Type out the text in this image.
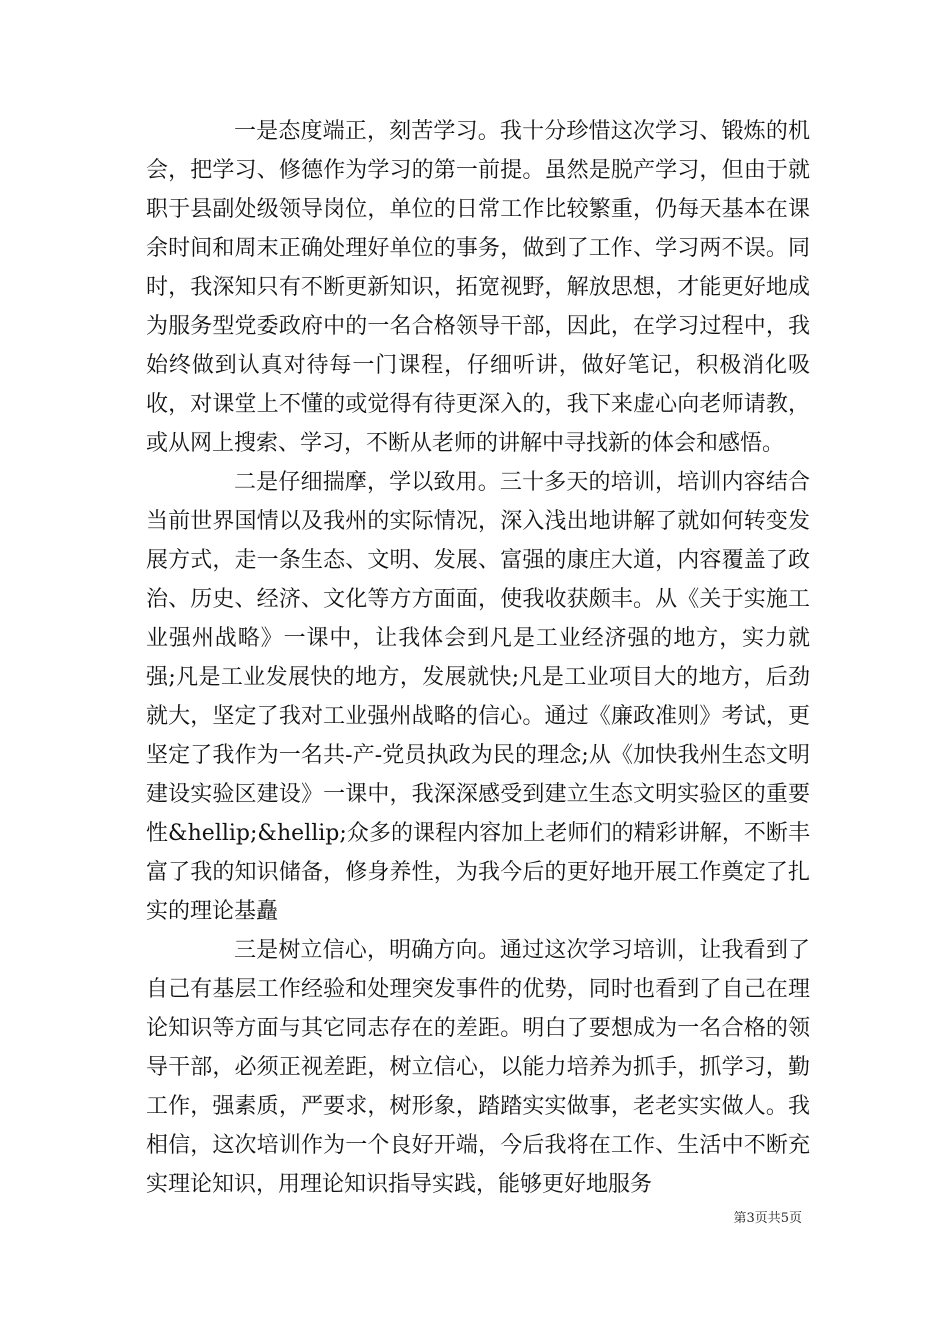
一是态度端正，刻苦学习。我十分珍惜这次学习、锻炼的机会，把学习、修德作为学习的第一前提。虽然是脱产学习，但由于就职于县副处级领导岗位，单位的日常工作比较繁重，仍每天基本在课余时间和周末正确处理好单位的事务，做到了工作、学习两不误。同时，我深知只有不断更新知识，拓宽视野，解放思想，才能更好地成为服务型党委政府中的一名合格领导干部，因此，在学习过程中，我始终做到认真对待每一门课程，仔细听讲，做好笔记，积极消化吸收，对课堂上不懂的或觉得有待更深入的，我下来虚心向老师请教，或从网上搜索、学习，不断从老师的讲解中寻找新的体会和感悟。

二是仔细揣摩，学以致用。三十多天的培训，培训内容结合当前世界国情以及我州的实际情况，深入浅出地讲解了就如何转变发展方式，走一条生态、文明、发展、富强的康庄大道，内容覆盖了政治、历史、经济、文化等方方面面，使我收获颇丰。从《关于实施工业强州战略》一课中，让我体会到凡是工业经济强的地方，实力就强;凡是工业发展快的地方，发展就快;凡是工业项目大的地方，后劲就大，坚定了我对工业强州战略的信心。通过《廉政准则》考试，更坚定了我作为一名共-产-党员执政为民的理念;从《加快我州生态文明建设实验区建设》一课中，我深深感受到建立生态文明实验区的重要性&hellip;&hellip;众多的课程内容加上老师们的精彩讲解，不断丰富了我的知识储备，修身养性，为我今后的更好地开展工作奠定了扎实的理论基矗

三是树立信心，明确方向。通过这次学习培训，让我看到了自己有基层工作经验和处理突发事件的优势，同时也看到了自己在理论知识等方面与其它同志存在的差距。明白了要想成为一名合格的领导干部，必须正视差距，树立信心，以能力培养为抓手，抓学习，勤工作，强素质，严要求，树形象，踏踏实实做事，老老实实做人。我相信，这次培训作为一个良好开端，今后我将在工作、生活中不断充实理论知识，用理论知识指导实践，能够更好地服务

第3页共5页
